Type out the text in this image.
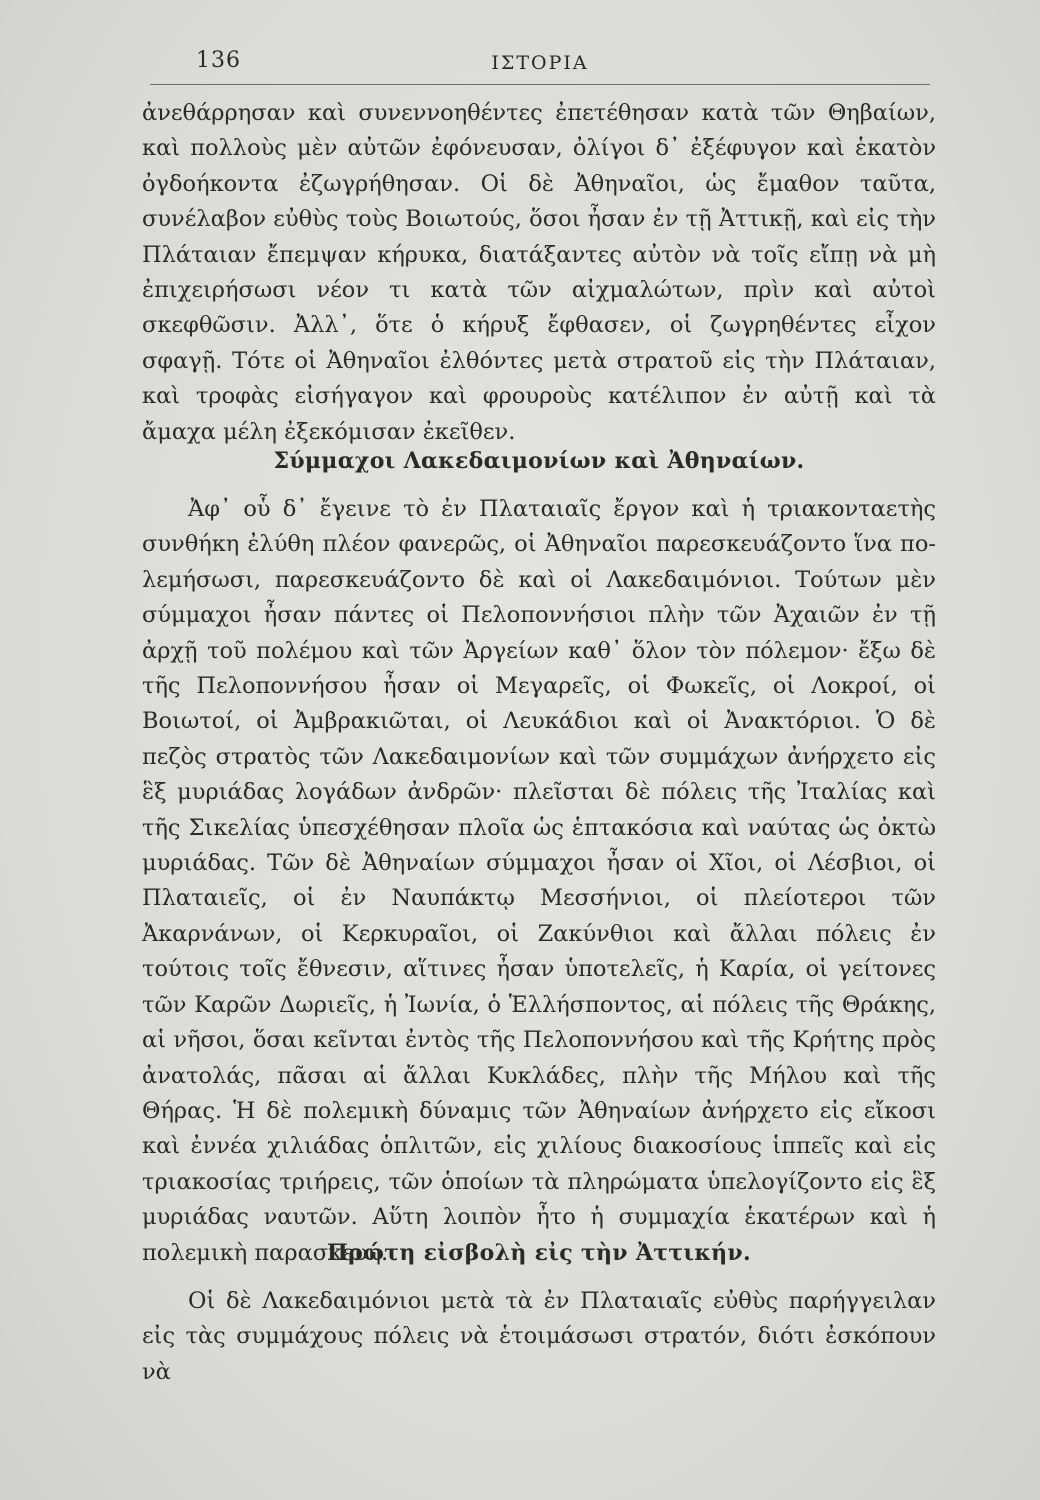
136	ΙΣΤΟΡΙΑ

ἀνεθάρρησαν καὶ συνεννοηθέντες ἐπετέθησαν κατὰ τῶν Θηβαίων, καὶ πολλοὺς μὲν αὐτῶν ἐφόνευσαν, ὀλίγοι δ᾽ ἐξέφυγον καὶ ἑκατὸν ὀγδοήκοντα ἐζωγρήθησαν. Οἱ δὲ Ἀθηναῖοι, ὡς ἔμαθον ταῦτα, συνέλαβον εὐθὺς τοὺς Βοιωτούς, ὅσοι ἦσαν ἐν τῇ Ἀττικῇ, καὶ εἰς τὴν Πλάταιαν ἔπεμψαν κήρυκα, διατάξαντες αὐτὸν νὰ τοῖς εἴπῃ νὰ μὴ ἐπιχειρήσωσι νέον τι κατὰ τῶν αἰχμαλώτων, πρὶν καὶ αὐτοὶ σκεφθῶσιν. Ἀλλ᾽, ὅτε ὁ κήρυξ ἔφθασεν, οἱ ζωγρηθέντες εἶχον σφαγῇ. Τότε οἱ Ἀθηναῖοι ἐλθόντες μετὰ στρατοῦ εἰς τὴν Πλάταιαν, καὶ τροφὰς εἰσήγαγον καὶ φρουροὺς κατέλιπον ἐν αὐτῇ καὶ τὰ ἄμαχα μέλη ἐξεκόμισαν ἐκεῖθεν.

Σύμμαχοι Λακεδαιμονίων καὶ Ἀθηναίων.

Ἀφ᾽ οὗ δ᾽ ἔγεινε τὸ ἐν Πλαταιαῖς ἔργον καὶ ἡ τριακονταετὴς συνθήκη ἐλύθη πλέον φανερῶς, οἱ Ἀθηναῖοι παρεσκευάζοντο ἵνα πολεμήσωσι, παρεσκευάζοντο δὲ καὶ οἱ Λακεδαιμόνιοι. Τούτων μὲν σύμμαχοι ἦσαν πάντες οἱ Πελοποννήσιοι πλὴν τῶν Ἀχαιῶν ἐν τῇ ἀρχῇ τοῦ πολέμου καὶ τῶν Ἀργείων καθ᾽ ὅλον τὸν πόλεμον· ἔξω δὲ τῆς Πελοποννήσου ἦσαν οἱ Μεγαρεῖς, οἱ Φωκεῖς, οἱ Λοκροί, οἱ Βοιωτοί, οἱ Ἀμβρακιῶται, οἱ Λευκάδιοι καὶ οἱ Ἀνακτόριοι. Ὁ δὲ πεζὸς στρατὸς τῶν Λακεδαιμονίων καὶ τῶν συμμάχων ἀνήρχετο εἰς ἓξ μυριάδας λογάδων ἀνδρῶν· πλεῖσται δὲ πόλεις τῆς Ἰταλίας καὶ τῆς Σικελίας ὑπεσχέθησαν πλοῖα ὡς ἑπτακόσια καὶ ναύτας ὡς ὀκτὼ μυριάδας. Τῶν δὲ Ἀθηναίων σύμμαχοι ἦσαν οἱ Χῖοι, οἱ Λέσβιοι, οἱ Πλαταιεῖς, οἱ ἐν Ναυπάκτῳ Μεσσήνιοι, οἱ πλείοτεροι τῶν Ἀκαρνάνων, οἱ Κερκυραῖοι, οἱ Ζακύνθιοι καὶ ἄλλαι πόλεις ἐν τούτοις τοῖς ἔθνεσιν, αἵτινες ἦσαν ὑποτελεῖς, ἡ Καρία, οἱ γείτονες τῶν Καρῶν Δωριεῖς, ἡ Ἰωνία, ὁ Ἑλλήσποντος, αἱ πόλεις τῆς Θράκης, αἱ νῆσοι, ὅσαι κεῖνται ἐντὸς τῆς Πελοποννήσου καὶ τῆς Κρήτης πρὸς ἀνατολάς, πᾶσαι αἱ ἄλλαι Κυκλάδες, πλὴν τῆς Μήλου καὶ τῆς Θήρας. Ἡ δὲ πολεμικὴ δύναμις τῶν Ἀθηναίων ἀνήρχετο εἰς εἴκοσι καὶ ἐννέα χιλιάδας ὁπλιτῶν, εἰς χιλίους διακοσίους ἱππεῖς καὶ εἰς τριακοσίας τριήρεις, τῶν ὁποίων τὰ πληρώματα ὑπελογίζοντο εἰς ἓξ μυριάδας ναυτῶν. Αὕτη λοιπὸν ἦτο ἡ συμμαχία ἑκατέρων καὶ ἡ πολεμικὴ παρασκευή.

Πρώτη εἰσβολὴ εἰς τὴν Ἀττικήν.

Οἱ δὲ Λακεδαιμόνιοι μετὰ τὰ ἐν Πλαταιαῖς εὐθὺς παρήγγειλαν εἰς τὰς συμμάχους πόλεις νὰ ἑτοιμάσωσι στρατόν, διότι ἐσκόπουν νὰ
